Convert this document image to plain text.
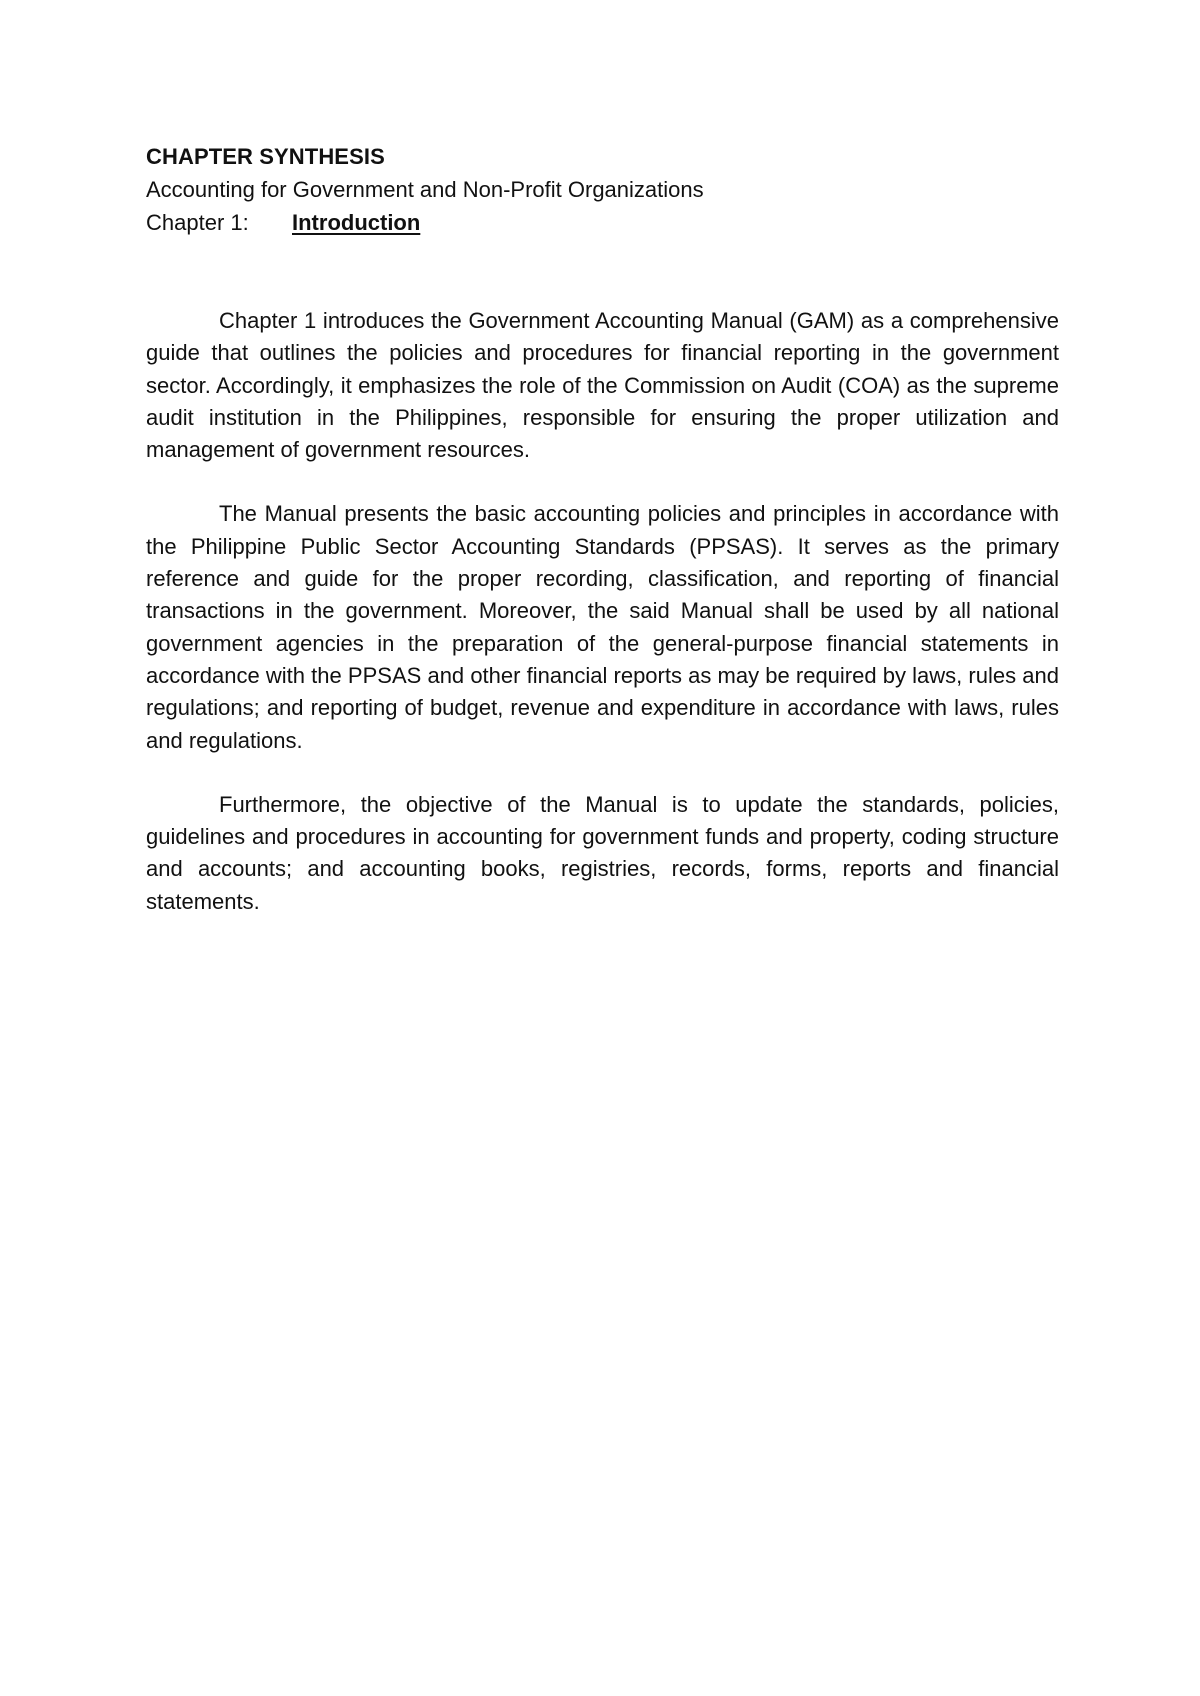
CHAPTER SYNTHESIS
Accounting for Government and Non-Profit Organizations
Chapter 1:	Introduction

Chapter 1 introduces the Government Accounting Manual (GAM) as a comprehensive guide that outlines the policies and procedures for financial reporting in the government sector. Accordingly, it emphasizes the role of the Commission on Audit (COA) as the supreme audit institution in the Philippines, responsible for ensuring the proper utilization and management of government resources.

The Manual presents the basic accounting policies and principles in accordance with the Philippine Public Sector Accounting Standards (PPSAS). It serves as the primary reference and guide for the proper recording, classification, and reporting of financial transactions in the government. Moreover, the said Manual shall be used by all national government agencies in the preparation of the general-purpose financial statements in accordance with the PPSAS and other financial reports as may be required by laws, rules and regulations; and reporting of budget, revenue and expenditure in accordance with laws, rules and regulations.

Furthermore, the objective of the Manual is to update the standards, policies, guidelines and procedures in accounting for government funds and property, coding structure and accounts; and accounting books, registries, records, forms, reports and financial statements.
